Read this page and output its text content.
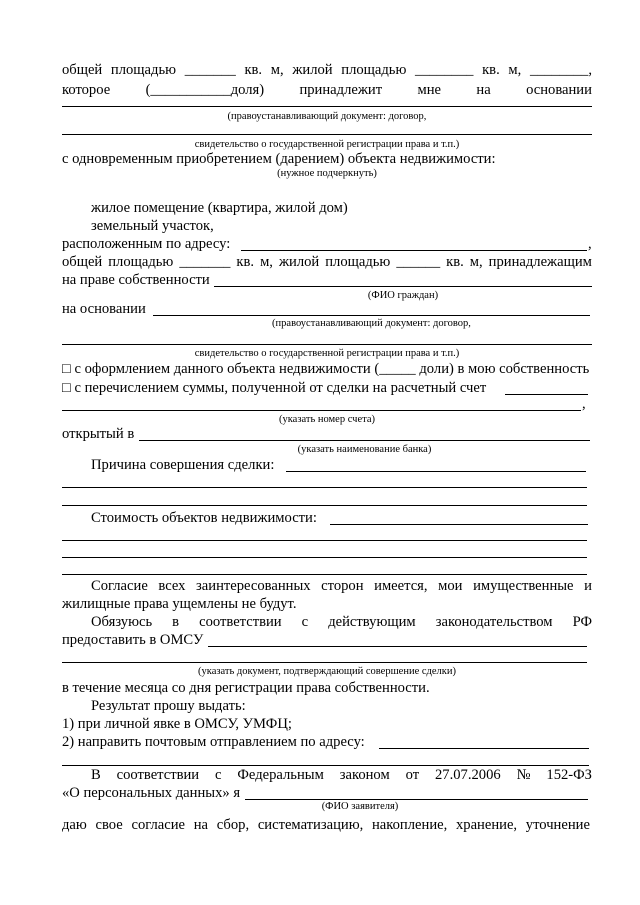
общей площадью _______ кв. м, жилой площадью ________ кв. м, ________,
которое (___________доля) принадлежит мне на основании
(правоустанавливающий документ: договор,
свидетельство о государственной регистрации права и т.п.)
с одновременным приобретением (дарением) объекта недвижимости:
(нужное подчеркнуть)
жилое помещение (квартира, жилой дом)
земельный участок,
расположенным по адресу:	,
общей площадью _______ кв. м, жилой площадью ______ кв. м, принадлежащим
на праве собственности
(ФИО граждан)
на основании
(правоустанавливающий документ: договор,
свидетельство о государственной регистрации права и т.п.)
□ с оформлением данного объекта недвижимости (_____ доли) в мою собственность
□ с перечислением суммы, полученной от сделки на расчетный счет
,
(указать номер счета)
открытый в
(указать наименование банка)
Причина совершения сделки:
Стоимость объектов недвижимости:
Согласие всех заинтересованных сторон имеется, мои имущественные и
жилищные права ущемлены не будут.
Обязуюсь в соответствии с действующим законодательством РФ
предоставить в ОМСУ
(указать документ, подтверждающий совершение сделки)
в течение месяца со дня регистрации права собственности.
Результат прошу выдать:
1) при личной явке в ОМСУ, УМФЦ;
2) направить почтовым отправлением по адресу:
В соответствии с Федеральным законом от 27.07.2006 № 152-ФЗ
«О персональных данных» я
(ФИО заявителя)
даю свое согласие на сбор, систематизацию, накопление, хранение, уточнение
